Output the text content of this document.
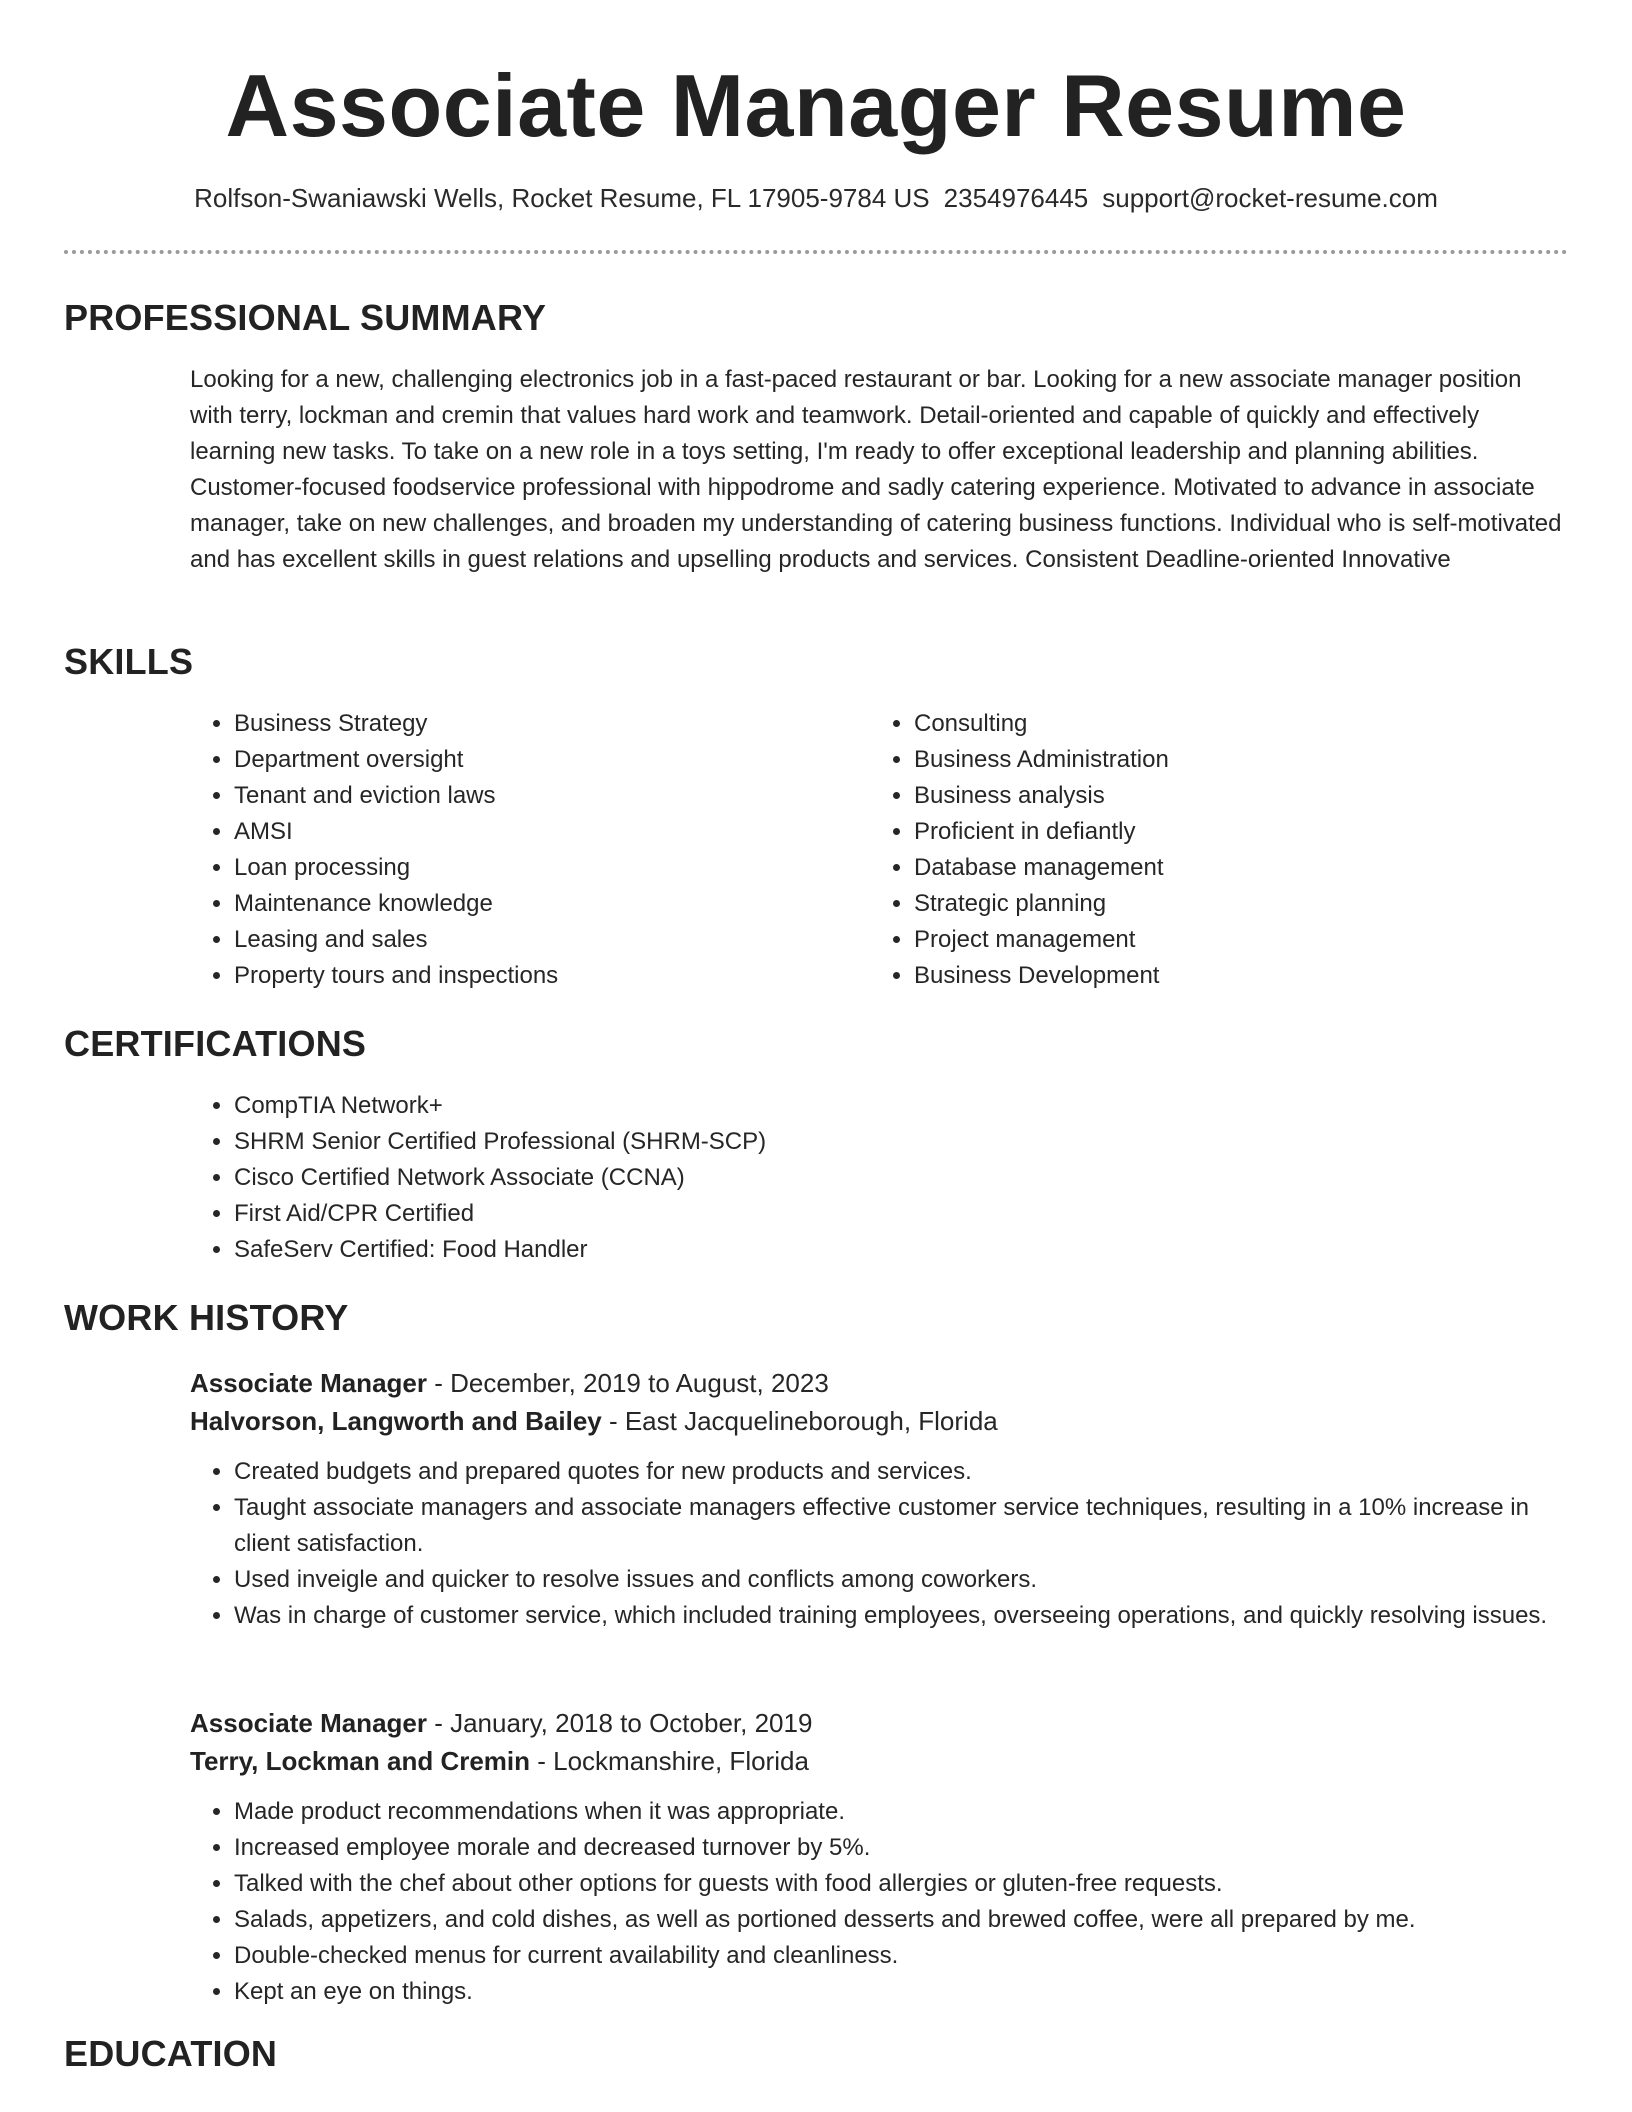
Associate Manager Resume
Rolfson-Swaniawski Wells, Rocket Resume, FL 17905-9784 US 2354976445 support@rocket-resume.com
PROFESSIONAL SUMMARY
Looking for a new, challenging electronics job in a fast-paced restaurant or bar. Looking for a new associate manager position with terry, lockman and cremin that values hard work and teamwork. Detail-oriented and capable of quickly and effectively learning new tasks. To take on a new role in a toys setting, I'm ready to offer exceptional leadership and planning abilities. Customer-focused foodservice professional with hippodrome and sadly catering experience. Motivated to advance in associate manager, take on new challenges, and broaden my understanding of catering business functions. Individual who is self-motivated and has excellent skills in guest relations and upselling products and services. Consistent Deadline-oriented Innovative
SKILLS
• Business Strategy
• Department oversight
• Tenant and eviction laws
• AMSI
• Loan processing
• Maintenance knowledge
• Leasing and sales
• Property tours and inspections
• Consulting
• Business Administration
• Business analysis
• Proficient in defiantly
• Database management
• Strategic planning
• Project management
• Business Development
CERTIFICATIONS
• CompTIA Network+
• SHRM Senior Certified Professional (SHRM-SCP)
• Cisco Certified Network Associate (CCNA)
• First Aid/CPR Certified
• SafeServ Certified: Food Handler
WORK HISTORY
Associate Manager - December, 2019 to August, 2023
Halvorson, Langworth and Bailey - East Jacquelineborough, Florida
• Created budgets and prepared quotes for new products and services.
• Taught associate managers and associate managers effective customer service techniques, resulting in a 10% increase in client satisfaction.
• Used inveigle and quicker to resolve issues and conflicts among coworkers.
• Was in charge of customer service, which included training employees, overseeing operations, and quickly resolving issues.
Associate Manager - January, 2018 to October, 2019
Terry, Lockman and Cremin - Lockmanshire, Florida
• Made product recommendations when it was appropriate.
• Increased employee morale and decreased turnover by 5%.
• Talked with the chef about other options for guests with food allergies or gluten-free requests.
• Salads, appetizers, and cold dishes, as well as portioned desserts and brewed coffee, were all prepared by me.
• Double-checked menus for current availability and cleanliness.
• Kept an eye on things.
EDUCATION
